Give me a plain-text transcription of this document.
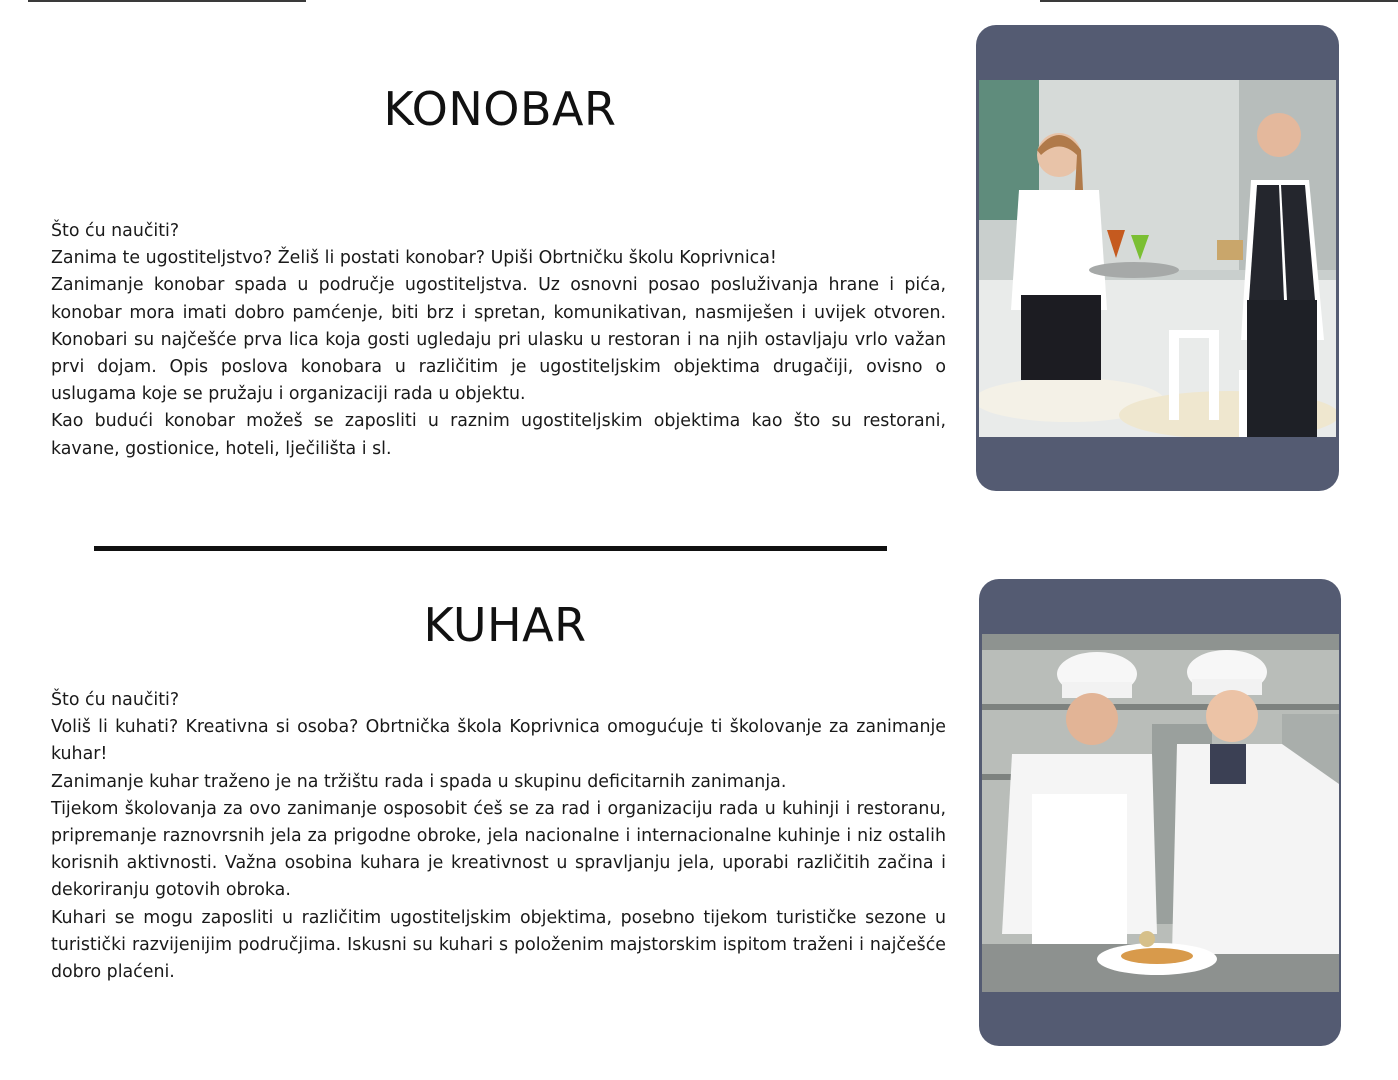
KONOBAR

Što ću naučiti?

Zanima te ugostiteljstvo? Želiš li postati konobar? Upiši Obrtničku školu Koprivnica!

Zanimanje konobar spada u područje ugostiteljstva. Uz osnovni posao posluživanja hrane i pića, konobar mora imati dobro pamćenje, biti brz i spretan, komunikativan, nasmiješen i uvijek otvoren. Konobari su najčešće prva lica koja gosti ugledaju pri ulasku u restoran i na njih ostavljaju vrlo važan prvi dojam. Opis poslova konobara u različitim je ugostiteljskim objektima drugačiji, ovisno o uslugama koje se pružaju i organizaciji rada u objektu.

Kao budući konobar možeš se zaposliti u raznim ugostiteljskim objektima kao što su restorani, kavane, gostionice, hoteli, lječilišta i sl.

KUHAR

Što ću naučiti?

Voliš li kuhati? Kreativna si osoba? Obrtnička škola Koprivnica omogućuje ti školovanje za zanimanje kuhar!

Zanimanje kuhar traženo je na tržištu rada i spada u skupinu deficitarnih zanimanja.

Tijekom školovanja za ovo zanimanje osposobit ćeš se za rad i organizaciju rada u kuhinji i restoranu, pripremanje raznovrsnih jela za prigodne obroke, jela nacionalne i internacionalne kuhinje i niz ostalih korisnih aktivnosti. Važna osobina kuhara je kreativnost u spravljanju jela, uporabi različitih začina i dekoriranju gotovih obroka.

Kuhari se mogu zaposliti u različitim ugostiteljskim objektima, posebno tijekom turističke sezone u turistički razvijenijim područjima. Iskusni su kuhari s položenim majstorskim ispitom traženi i najčešće dobro plaćeni.
